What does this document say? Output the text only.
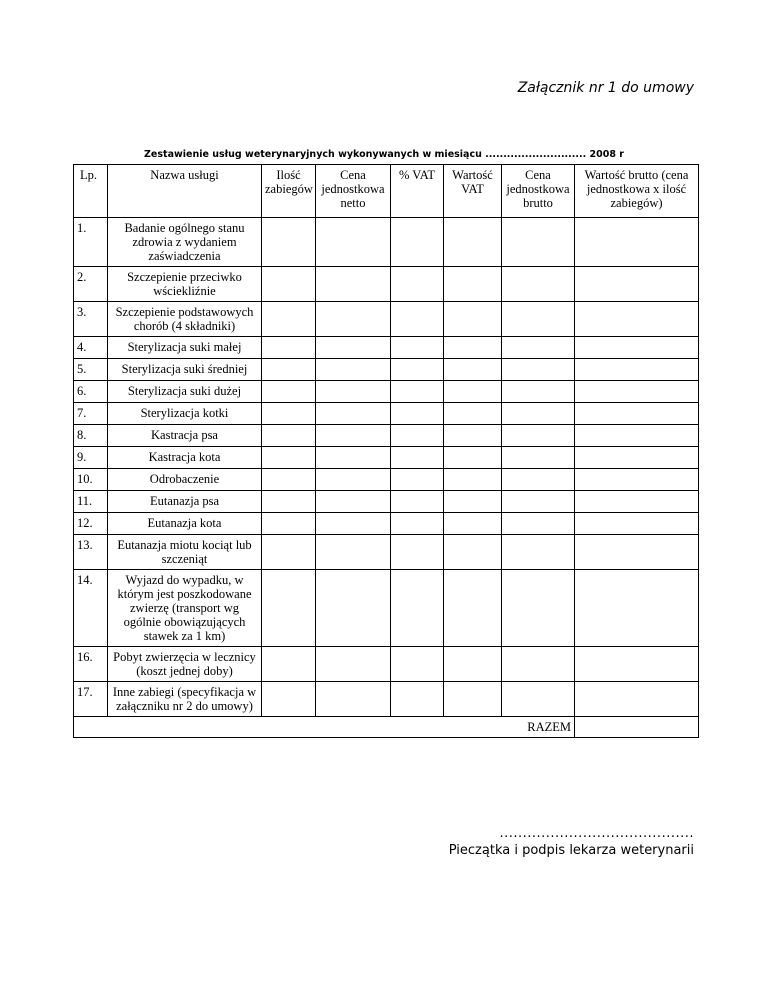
Załącznik nr 1 do umowy
Zestawienie usług weterynaryjnych wykonywanych w miesiącu ............................ 2008 r
Lp.	Nazwa usługi	Ilość zabiegów	Cena jednostkowa netto	% VAT	Wartość VAT	Cena jednostkowa brutto	Wartość brutto (cena jednostkowa x ilość zabiegów)
1.	Badanie ogólnego stanu zdrowia z wydaniem zaświadczenia						
2.	Szczepienie przeciwko wściekliźnie						
3.	Szczepienie podstawowych chorób (4 składniki)						
4.	Sterylizacja suki małej						
5.	Sterylizacja suki średniej						
6.	Sterylizacja suki dużej						
7.	Sterylizacja kotki						
8.	Kastracja psa						
9.	Kastracja kota						
10.	Odrobaczenie						
11.	Eutanazja psa						
12.	Eutanazja kota						
13.	Eutanazja miotu kociąt lub szczeniąt						
14.	Wyjazd do wypadku, w którym jest poszkodowane zwierzę (transport wg ogólnie obowiązujących stawek za 1 km)						
16.	Pobyt zwierzęcia w lecznicy (koszt jednej doby)						
17.	Inne zabiegi (specyfikacja w załączniku nr 2 do umowy)						
RAZEM							
..........................................
Pieczątka i podpis lekarza weterynarii
